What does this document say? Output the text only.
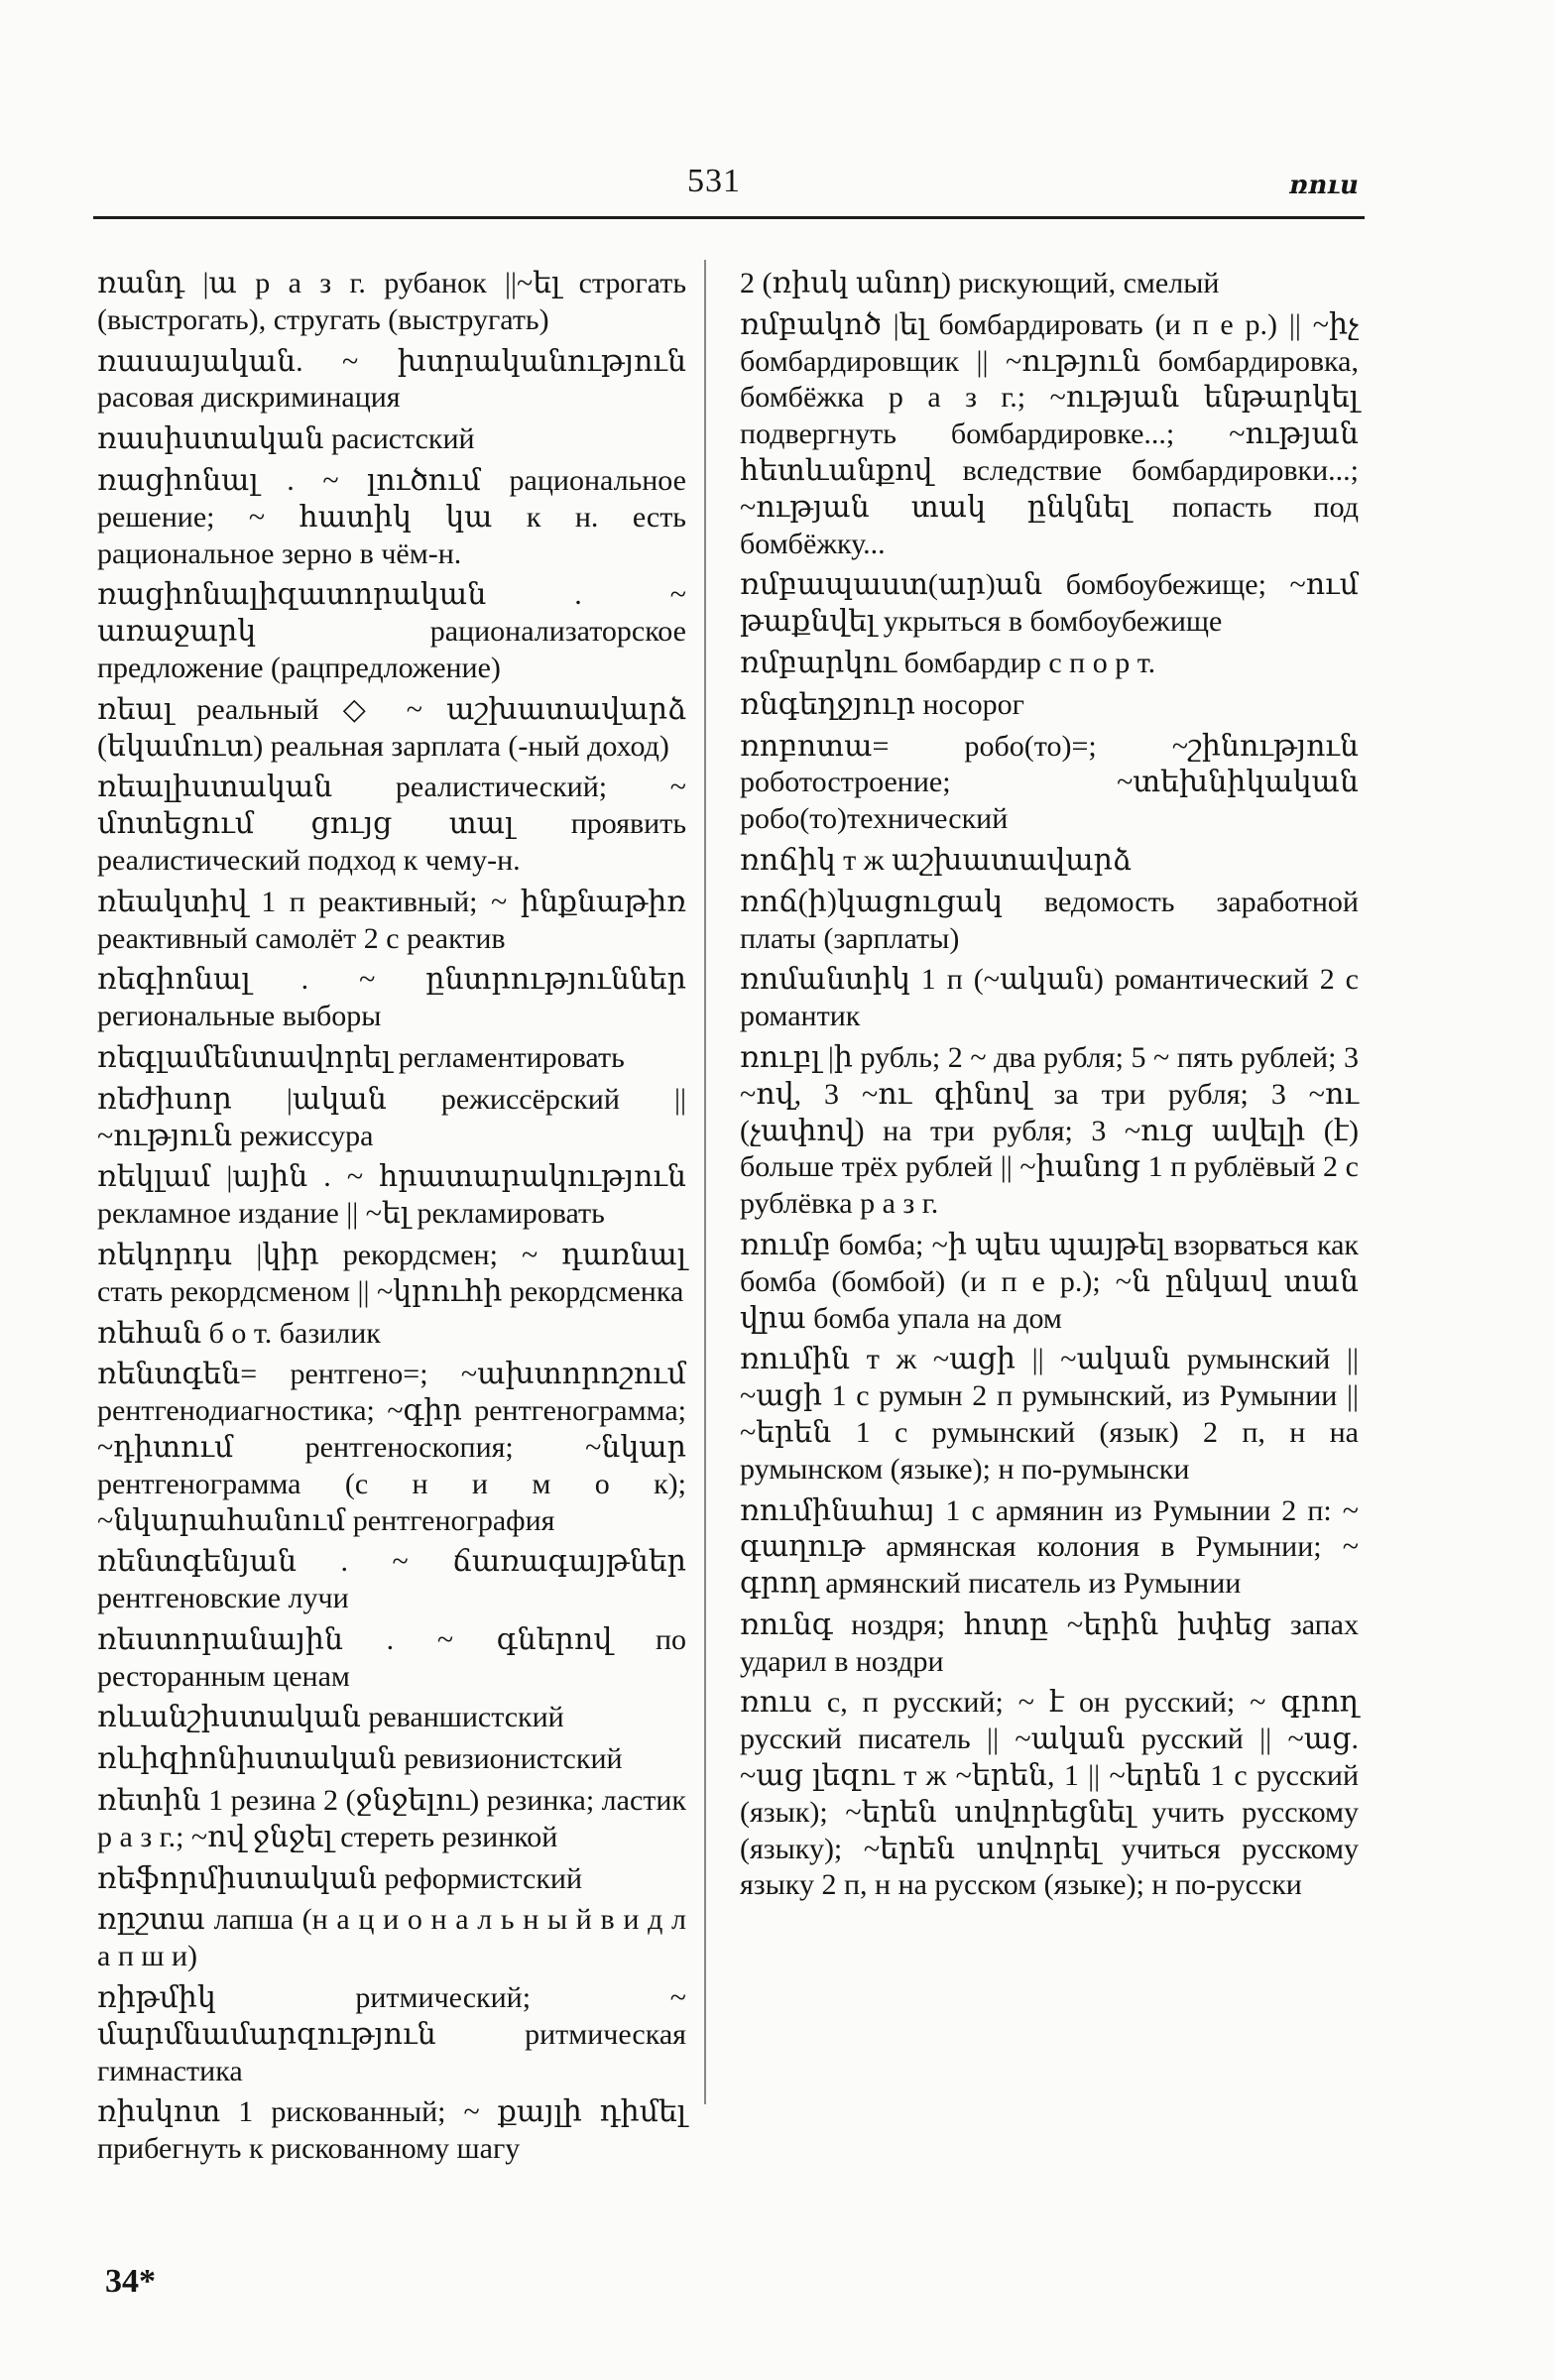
531	ռուս
ռանդ |ա р а з г. рубанок ||~ել строгать (выстрогать), стругать (выстругать)
ռասայական. ~ խտրականություն расовая дискриминация
ռասիստական расистский
ռացիոնալ . ~ լուծում рациональное решение; ~ հատիկ կա к н. есть рациональное зерно в чём-н.
ռացիոնալիզատորական . ~ առաջարկ рационализаторское предложение (рацпредложение)
ռեալ реальный ◇ ~ աշխատավարձ (եկամուտ) реальная зарплата (-ный доход)
ռեալիստական реалистический; ~ մոտեցում ցույց տալ проявить реалистический подход к чему-н.
ռեակտիվ 1 п реактивный; ~ ինքնաթիռ реактивный самолёт 2 с реактив
ռեգիոնալ . ~ ընտրություններ регионaльные выборы
ռեգլամենտավորել регламентировать
ռեժիսոր |ական режиссёрский || ~ություն режиссура
ռեկլամ |ային . ~ հրատարակություն рекламное издание || ~ել рекламировать
ռեկորդս |կիր рекордсмен; ~ դառնալ стать рекордсменом || ~կրուհի рекордсменка
ռեհան б о т. базилик
ռենտգեն= рентгено=; ~ախտորոշում рентгенодиагностика; ~գիր рентгенограмма; ~դիտում рентгеноскопия; ~նկար рентгенограмма (с н и м о к); ~նկարահանում рентгенография
ռենտգենյան . ~ ճառագայթներ рентгеновские лучи
ռեստորանային . ~ գներով по ресторанным ценам
ռևանշիստական реваншистский
ռևիզիոնիստական ревизионистский
ռետին 1 резина 2 (ջնջելու) резинка; ластик р а з г.; ~ով ջնջել стереть резинкой
ռեֆորմիստական реформистский
ռըշտա лапша (н а ц и о н а л ь н ы й в и д л а п ш и)
ռիթմիկ ритмический; ~ մարմնամարզություն ритмическая гимнастика
ռիսկոտ 1 рискованный; ~ քայլի դիմել прибегнуть к рискованному шагу
2 (ռիսկ անող) рискующий, смелый
ռմբակոծ |ել бомбардировать (и п е р.) || ~իչ бомбардировщик || ~ություն бомбардировка, бомбёжка р а з г.; ~ության ենթարկել подвергнуть бомбардировке...; ~ության հետևանքով вследствие бомбардировки...; ~ության տակ ընկնել попасть под бомбёжку...
ռմբապաստ(ար)ան бомбоубежище; ~ում թաքնվել укрыться в бомбоубежище
ռմբարկու бомбардир с п о р т.
ռնգեղջյուր носорог
ռոբոտա= робо(то)=; ~շինություն роботостроение; ~տեխնիկական робо(то)технический
ռոճիկ т ж աշխատավարձ
ռոճ(ի)կացուցակ ведомость заработной платы (зарплаты)
ռոմանտիկ 1 п (~ական) романтический 2 с романтик
ռուբլ |ի рубль; 2 ~ два рубля; 5 ~ пять рублей; 3 ~ով, 3 ~ու գինով за три рубля; 3 ~ու (չափով) на три рубля; 3 ~ուց ավելի (է) больше трёх рублей || ~իանոց 1 п рублёвый 2 с рублёвка р а з г.
ռումբ бомба; ~ի պես պայթել взорваться как бомба (бомбой) (и п е р.); ~ն ընկավ տան վրա бомба упала на дом
ռումին т ж ~ացի || ~ական румынский || ~ացի 1 с румын 2 п румынский, из Румынии || ~երեն 1 с румынский (язык) 2 п, н на румынском (языке); н по-румынски
ռումինահայ 1 с армянин из Румынии 2 п: ~ գաղութ армянская колония в Румынии; ~ գրող армянский писатель из Румынии
ռունգ ноздря; հոտը ~երին խփեց запах ударил в ноздри
ռուս с, п русский; ~ է он русский; ~ գրող русский писатель || ~ական русский || ~աց. ~աց լեզու т ж ~երեն, 1 || ~երեն 1 с русский (язык); ~երեն սովորեցնել учить русскому (языку); ~երեն սովորել учиться русскому языку 2 п, н на русском (языке); н по-русски
34*
